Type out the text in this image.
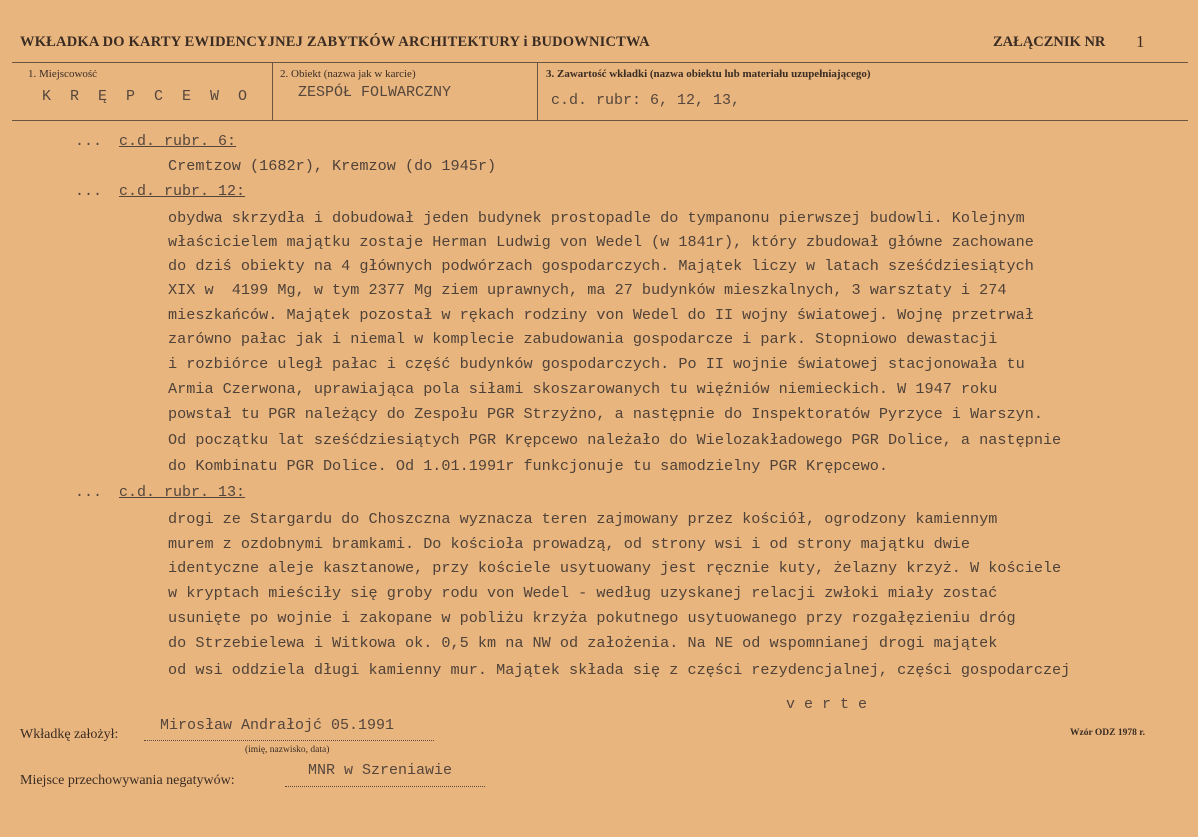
WKŁADKA DO KARTY EWIDENCYJNEJ ZABYTKÓW ARCHITEKTURY i BUDOWNICTWA	ZAŁĄCZNIK NR 1
1. Miejscowość
K R Ę P C E W O
2. Obiekt (nazwa jak w karcie)
ZESPÓŁ FOLWARCZNY
3. Zawartość wkładki (nazwa obiektu lub materiału uzupełniającego)
c.d. rubr: 6, 12, 13,
... c.d. rubr. 6:
Cremtzow (1682r), Kremzow (do 1945r)
... c.d. rubr. 12:
obydwa skrzydła i dobudował jeden budynek prostopadle do tympanonu pierwszej budowli. Kolejnym
właścicielem majątku zostaje Herman Ludwig von Wedel (w 1841r), który zbudował główne zachowane
do dziś obiekty na 4 głównych podwórzach gospodarczych. Majątek liczy w latach sześćdziesiątych
XIX w  4199 Mg, w tym 2377 Mg ziem uprawnych, ma 27 budynków mieszkalnych, 3 warsztaty i 274
mieszkańców. Majątek pozostał w rękach rodziny von Wedel do II wojny światowej. Wojnę przetrwał
zarówno pałac jak i niemal w komplecie zabudowania gospodarcze i park. Stopniowo dewastacji
i rozbiórce uległ pałac i część budynków gospodarczych. Po II wojnie światowej stacjonowała tu
Armia Czerwona, uprawiająca pola siłami skoszarowanych tu więźniów niemieckich. W 1947 roku
powstał tu PGR należący do Zespołu PGR Strzyżno, a następnie do Inspektoratów Pyrzyce i Warszyn.
Od początku lat sześćdziesiątych PGR Krępcewo należało do Wielozakładowego PGR Dolice, a następnie
do Kombinatu PGR Dolice. Od 1.01.1991r funkcjonuje tu samodzielny PGR Krępcewo.
... c.d. rubr. 13:
drogi ze Stargardu do Choszczna wyznacza teren zajmowany przez kościół, ogrodzony kamiennym
murem z ozdobnymi bramkami. Do kościoła prowadzą, od strony wsi i od strony majątku dwie
identyczne aleje kasztanowe, przy kościele usytuowany jest ręcznie kuty, żelazny krzyż. W kościele
w kryptach mieściły się groby rodu von Wedel - według uzyskanej relacji zwłoki miały zostać
usunięte po wojnie i zakopane w pobliżu krzyża pokutnego usytuowanego przy rozgałęzieniu dróg
do Strzebielewa i Witkowa ok. 0,5 km na NW od założenia. Na NE od wspomnianej drogi majątek
od wsi oddziela długi kamienny mur. Majątek składa się z części rezydencjalnej, części gospodarczej
v e r t e
Wkładkę założył:
Mirosław Andrałojć 05.1991
(imię, nazwisko, data)
Wzór ODZ 1978 r.
Miejsce przechowywania negatywów:
MNR w Szreniawie
